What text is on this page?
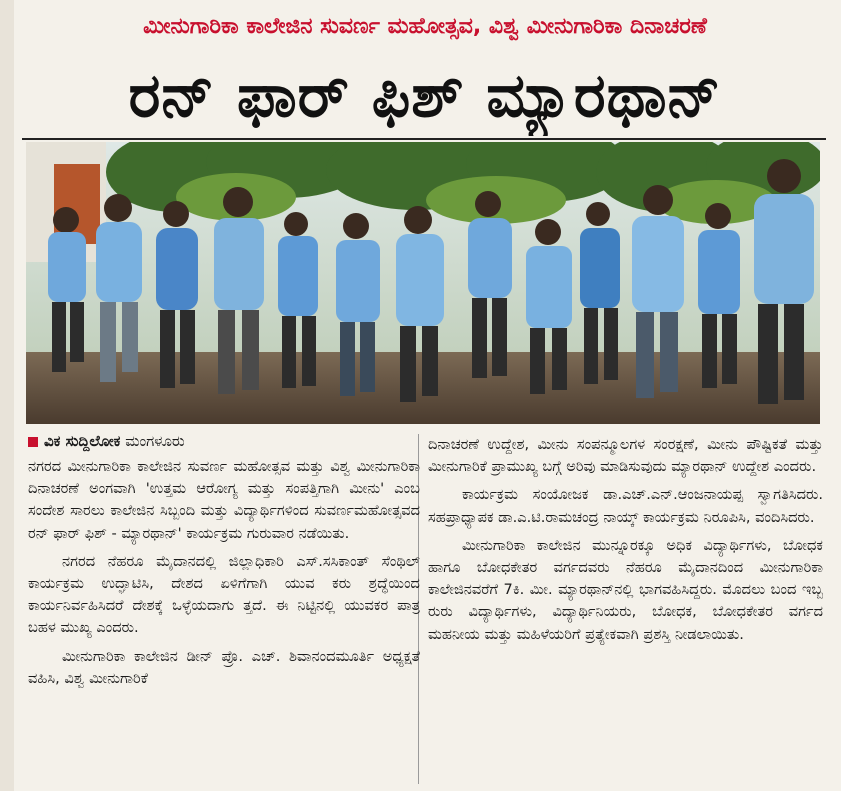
ಮೀನುಗಾರಿಕಾ ಕಾಲೇಜಿನ ಸುವರ್ಣ ಮಹೋತ್ಸವ, ವಿಶ್ವ ಮೀನುಗಾರಿಕಾ ದಿನಾಚರಣೆ
ರನ್ ಫಾರ್ ಫಿಶ್ ಮ್ಯಾರಥಾನ್
ವಿಕ ಸುದ್ದಿಲೋಕ ಮಂಗಳೂರು

ನಗರದ ಮೀನುಗಾರಿಕಾ ಕಾಲೇಜಿನ ಸುವರ್ಣ ಮಹೋತ್ಸವ ಮತ್ತು ವಿಶ್ವ ಮೀನುಗಾರಿಕಾ ದಿನಾಚರಣೆ ಅಂಗವಾಗಿ 'ಉತ್ತಮ ಆರೋಗ್ಯ ಮತ್ತು ಸಂಪತ್ತಿಗಾಗಿ ಮೀನು' ಎಂಬ ಸಂದೇಶ ಸಾರಲು ಕಾಲೇಜಿನ ಸಿಬ್ಬಂದಿ ಮತ್ತು ವಿದ್ಯಾರ್ಥಿಗಳಿಂದ ಸುವರ್ಣಮಹೋತ್ಸವದ ರನ್ ಫಾರ್ ಫಿಶ್ - ಮ್ಯಾರಥಾನ್' ಕಾರ್ಯಕ್ರಮ ಗುರುವಾರ ನಡೆಯಿತು.

ನಗರದ ನೆಹರೂ ಮೈದಾನದಲ್ಲಿ ಜಿಲ್ಲಾಧಿಕಾರಿ ಎಸ್.ಸಸಿಕಾಂತ್ ಸೆಂಥಿಲ್ ಕಾರ್ಯಕ್ರಮ ಉದ್ಘಾಟಿಸಿ, ದೇಶದ ಏಳಿಗೆಗಾಗಿ ಯುವ ಕರು ಶ್ರದ್ಧೆಯಿಂದ ಕಾರ್ಯನಿರ್ವಹಿಸಿದರೆ ದೇಶಕ್ಕೆ ಒಳ್ಳೆಯದಾಗು ತ್ತದೆ. ಈ ನಿಟ್ಟಿನಲ್ಲಿ ಯುವಕರ ಪಾತ್ರ ಬಹಳ ಮುಖ್ಯ ಎಂದರು.

ಮೀನುಗಾರಿಕಾ ಕಾಲೇಜಿನ ಡೀನ್ ಪ್ರೊ. ಎಚ್. ಶಿವಾನಂದಮೂರ್ತಿ ಅಧ್ಯಕ್ಷತೆ ವಹಿಸಿ, ವಿಶ್ವ ಮೀನುಗಾರಿಕೆ

ದಿನಾಚರಣೆ ಉದ್ದೇಶ, ಮೀನು ಸಂಪನ್ಮೂಲಗಳ ಸಂರಕ್ಷಣೆ, ಮೀನು ಪೌಷ್ಟಿಕತೆ ಮತ್ತು ಮೀನುಗಾರಿಕೆ ಪ್ರಾಮುಖ್ಯ ಬಗ್ಗೆ ಅರಿವು ಮಾಡಿಸುವುದು ಮ್ಯಾರಥಾನ್ ಉದ್ದೇಶ ಎಂದರು.

ಕಾರ್ಯಕ್ರಮ ಸಂಯೋಜಕ ಡಾ.ಎಚ್.ಎನ್.ಆಂಜನಾಯಪ್ಪ ಸ್ವಾಗತಿಸಿದರು. ಸಹಪ್ರಾಧ್ಯಾಪಕ ಡಾ.ಎ.ಟಿ.ರಾಮಚಂದ್ರ ನಾಯ್ಕ್ ಕಾರ್ಯಕ್ರಮ ನಿರೂಪಿಸಿ, ವಂದಿಸಿದರು.

ಮೀನುಗಾರಿಕಾ ಕಾಲೇಜಿನ ಮುನ್ನೂರಕ್ಕೂ ಅಧಿಕ ವಿದ್ಯಾರ್ಥಿಗಳು, ಬೋಧಕ ಹಾಗೂ ಬೋಧಕೇತರ ವರ್ಗದವರು ನೆಹರೂ ಮೈದಾನದಿಂದ ಮೀನುಗಾರಿಕಾ ಕಾಲೇಜಿನವರೆಗೆ 7ಕಿ. ಮೀ. ಮ್ಯಾರಥಾನ್‌ನಲ್ಲಿ ಭಾಗವಹಿಸಿದ್ದರು. ಮೊದಲು ಬಂದ ಇಬ್ಬ ರುರು ವಿದ್ಯಾರ್ಥಿಗಳು, ವಿದ್ಯಾರ್ಥಿನಿಯರು, ಬೋಧಕ, ಬೋಧಕೇತರ ವರ್ಗದ ಮಹನೀಯ ಮತ್ತು ಮಹಿಳೆಯರಿಗೆ ಪ್ರತ್ಯೇಕವಾಗಿ ಪ್ರಶಸ್ತಿ ನೀಡಲಾಯಿತು.
